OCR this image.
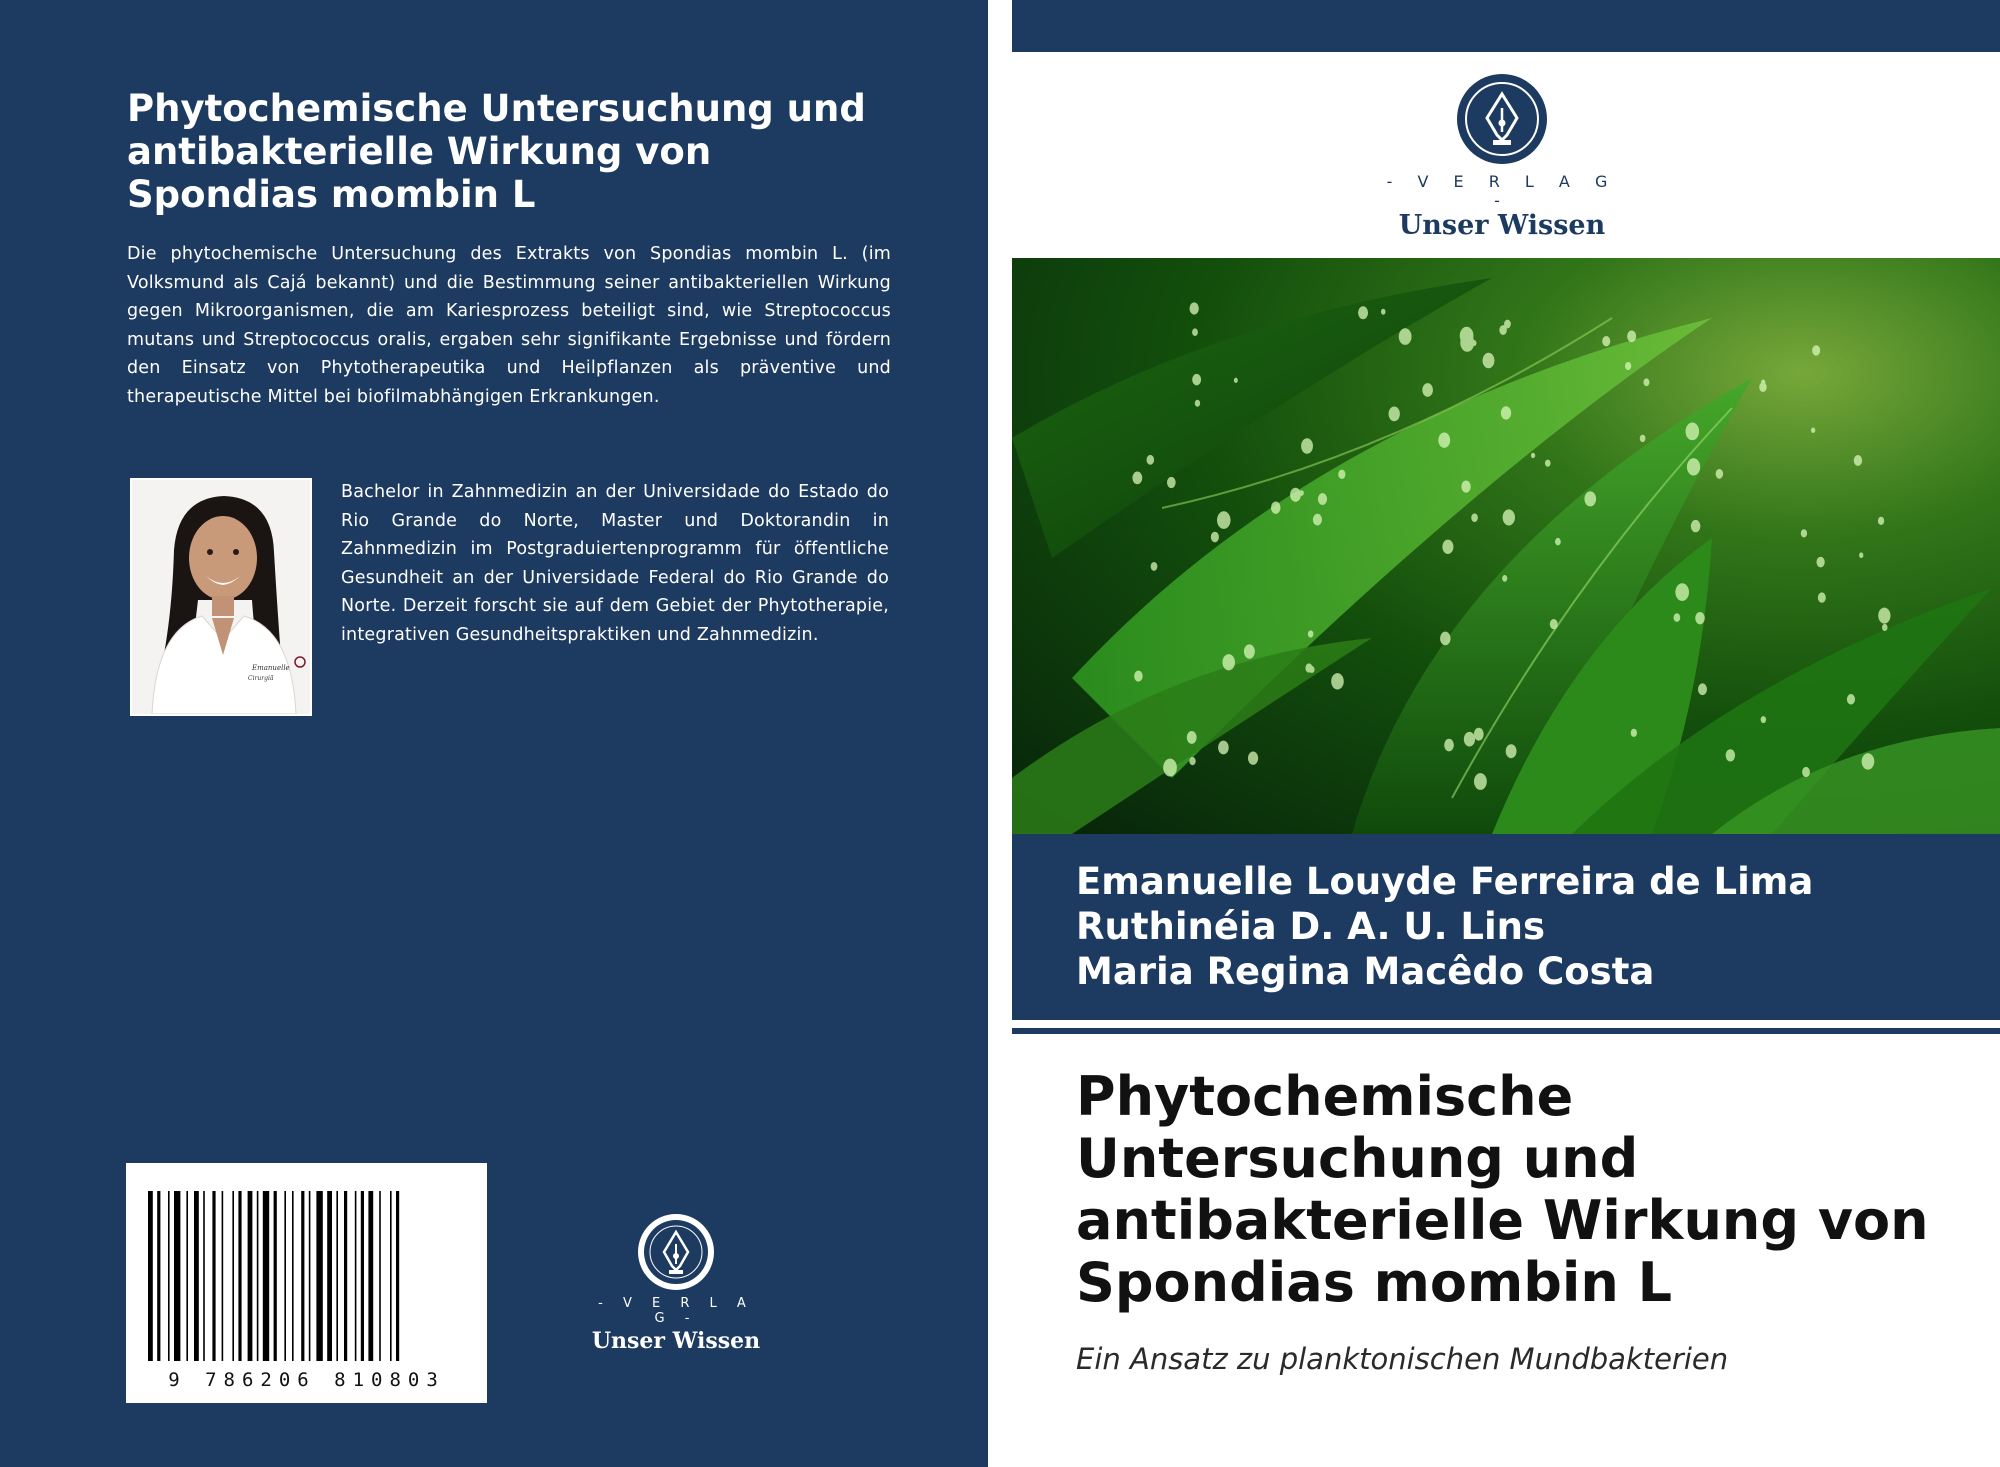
Phytochemische Untersuchung und antibakterielle Wirkung von Spondias mombin L

Die phytochemische Untersuchung des Extrakts von Spondias mombin L. (im Volksmund als Cajá bekannt) und die Bestimmung seiner antibakteriellen Wirkung gegen Mikroorganismen, die am Kariesprozess beteiligt sind, wie Streptococcus mutans und Streptococcus oralis, ergaben sehr signifikante Ergebnisse und fördern den Einsatz von Phytotherapeutika und Heilpflanzen als präventive und therapeutische Mittel bei biofilmabhängigen Erkrankungen.

Emanuelle
Cirurgiã

Bachelor in Zahnmedizin an der Universidade do Estado do Rio Grande do Norte, Master und Doktorandin in Zahnmedizin im Postgraduiertenprogramm für öffentliche Gesundheit an der Universidade Federal do Rio Grande do Norte. Derzeit forscht sie auf dem Gebiet der Phytotherapie, integrativen Gesundheitspraktiken und Zahnmedizin.

9 786206 810803
- V E R L A G -
Unser Wissen
- V E R L A G -
Unser Wissen
Emanuelle Louyde Ferreira de Lima
Ruthinéia D. A. U. Lins
Maria Regina Macêdo Costa
Phytochemische Untersuchung und antibakterielle Wirkung von Spondias mombin L

Ein Ansatz zu planktonischen Mundbakterien
